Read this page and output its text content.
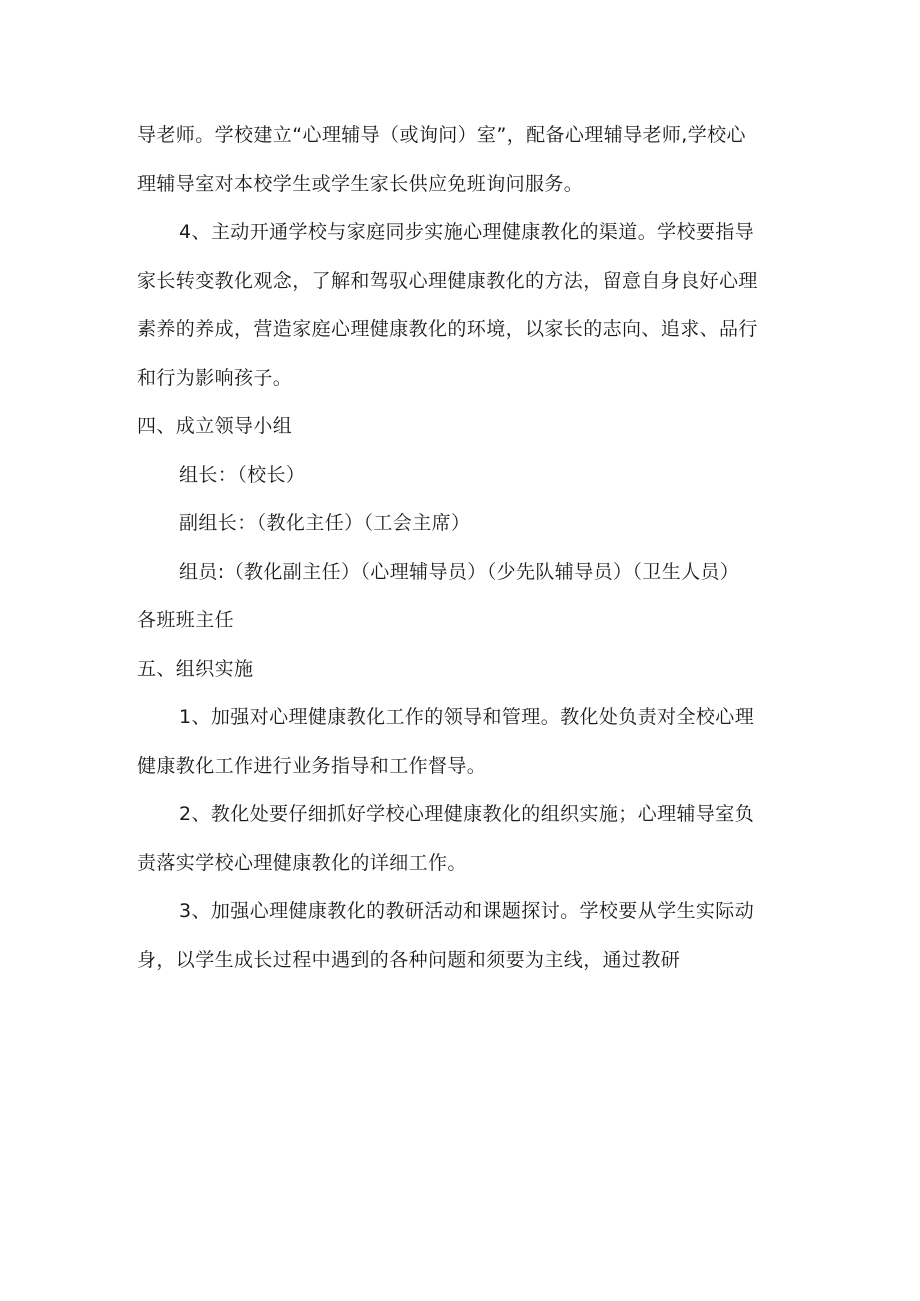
导老师。学校建立“心理辅导（或询问）室”，配备心理辅导老师,学校心

理辅导室对本校学生或学生家长供应免班询问服务。

4、主动开通学校与家庭同步实施心理健康教化的渠道。学校要指导

家长转变教化观念，了解和驾驭心理健康教化的方法，留意自身良好心理

素养的养成，营造家庭心理健康教化的环境，以家长的志向、追求、品行

和行为影响孩子。

四、成立领导小组

组长：（校长）

副组长：（教化主任）（工会主席）

组员:（教化副主任）（心理辅导员）（少先队辅导员）（卫生人员）

各班班主任

五、组织实施

1、加强对心理健康教化工作的领导和管理。教化处负责对全校心理

健康教化工作进行业务指导和工作督导。

2、教化处要仔细抓好学校心理健康教化的组织实施；心理辅导室负

责落实学校心理健康教化的详细工作。

3、加强心理健康教化的教研活动和课题探讨。学校要从学生实际动

身，以学生成长过程中遇到的各种问题和须要为主线，通过教研
